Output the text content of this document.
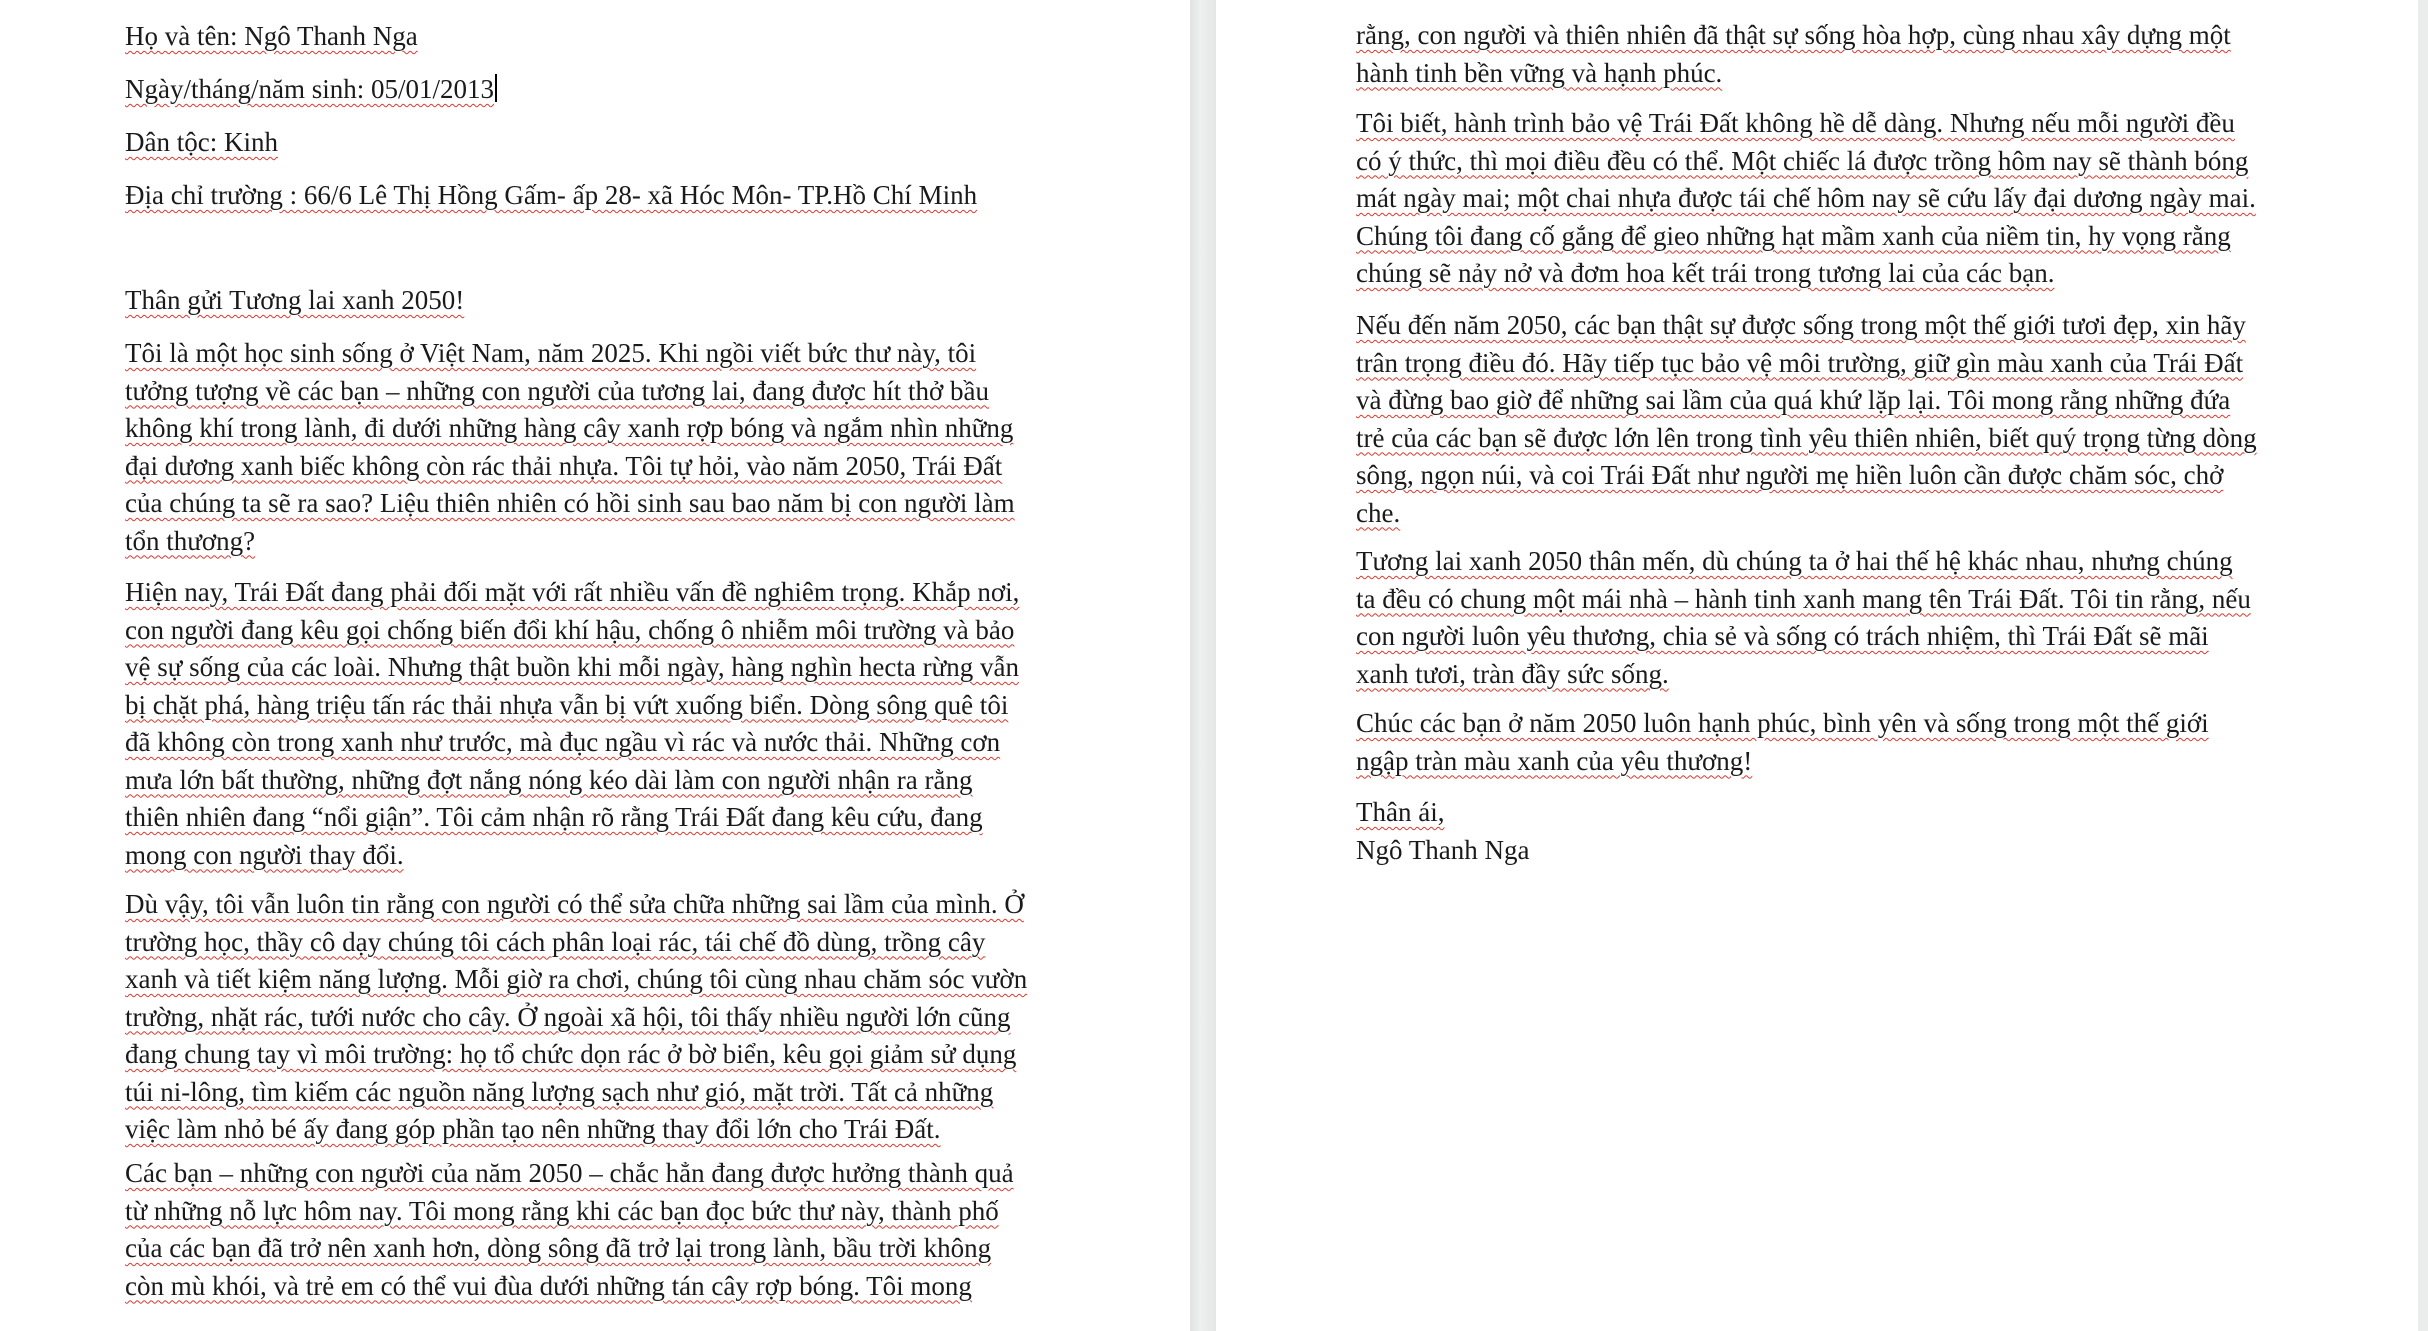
Họ và tên: Ngô Thanh Nga
Ngày/tháng/năm sinh: 05/01/2013
Dân tộc: Kinh
Địa chỉ trường : 66/6 Lê Thị Hồng Gấm- ấp 28- xã Hóc Môn- TP.Hồ Chí Minh
Thân gửi Tương lai xanh 2050!

Tôi là một học sinh sống ở Việt Nam, năm 2025. Khi ngồi viết bức thư này, tôi

tưởng tượng về các bạn – những con người của tương lai, đang được hít thở bầu

không khí trong lành, đi dưới những hàng cây xanh rợp bóng và ngắm nhìn những

đại dương xanh biếc không còn rác thải nhựa. Tôi tự hỏi, vào năm 2050, Trái Đất

của chúng ta sẽ ra sao? Liệu thiên nhiên có hồi sinh sau bao năm bị con người làm

tổn thương?

Hiện nay, Trái Đất đang phải đối mặt với rất nhiều vấn đề nghiêm trọng. Khắp nơi,

con người đang kêu gọi chống biến đổi khí hậu, chống ô nhiễm môi trường và bảo

vệ sự sống của các loài. Nhưng thật buồn khi mỗi ngày, hàng nghìn hecta rừng vẫn

bị chặt phá, hàng triệu tấn rác thải nhựa vẫn bị vứt xuống biển. Dòng sông quê tôi

đã không còn trong xanh như trước, mà đục ngầu vì rác và nước thải. Những cơn

mưa lớn bất thường, những đợt nắng nóng kéo dài làm con người nhận ra rằng

thiên nhiên đang “nổi giận”. Tôi cảm nhận rõ rằng Trái Đất đang kêu cứu, đang

mong con người thay đổi.

Dù vậy, tôi vẫn luôn tin rằng con người có thể sửa chữa những sai lầm của mình. Ở

trường học, thầy cô dạy chúng tôi cách phân loại rác, tái chế đồ dùng, trồng cây

xanh và tiết kiệm năng lượng. Mỗi giờ ra chơi, chúng tôi cùng nhau chăm sóc vườn

trường, nhặt rác, tưới nước cho cây. Ở ngoài xã hội, tôi thấy nhiều người lớn cũng

đang chung tay vì môi trường: họ tổ chức dọn rác ở bờ biển, kêu gọi giảm sử dụng

túi ni-lông, tìm kiếm các nguồn năng lượng sạch như gió, mặt trời. Tất cả những

việc làm nhỏ bé ấy đang góp phần tạo nên những thay đổi lớn cho Trái Đất.

Các bạn – những con người của năm 2050 – chắc hẳn đang được hưởng thành quả

từ những nỗ lực hôm nay. Tôi mong rằng khi các bạn đọc bức thư này, thành phố

của các bạn đã trở nên xanh hơn, dòng sông đã trở lại trong lành, bầu trời không

còn mù khói, và trẻ em có thể vui đùa dưới những tán cây rợp bóng. Tôi mong

rằng, con người và thiên nhiên đã thật sự sống hòa hợp, cùng nhau xây dựng một

hành tinh bền vững và hạnh phúc.

Tôi biết, hành trình bảo vệ Trái Đất không hề dễ dàng. Nhưng nếu mỗi người đều

có ý thức, thì mọi điều đều có thể. Một chiếc lá được trồng hôm nay sẽ thành bóng

mát ngày mai; một chai nhựa được tái chế hôm nay sẽ cứu lấy đại dương ngày mai.

Chúng tôi đang cố gắng để gieo những hạt mầm xanh của niềm tin, hy vọng rằng

chúng sẽ nảy nở và đơm hoa kết trái trong tương lai của các bạn.

Nếu đến năm 2050, các bạn thật sự được sống trong một thế giới tươi đẹp, xin hãy

trân trọng điều đó. Hãy tiếp tục bảo vệ môi trường, giữ gìn màu xanh của Trái Đất

và đừng bao giờ để những sai lầm của quá khứ lặp lại. Tôi mong rằng những đứa

trẻ của các bạn sẽ được lớn lên trong tình yêu thiên nhiên, biết quý trọng từng dòng

sông, ngọn núi, và coi Trái Đất như người mẹ hiền luôn cần được chăm sóc, chở

che.

Tương lai xanh 2050 thân mến, dù chúng ta ở hai thế hệ khác nhau, nhưng chúng

ta đều có chung một mái nhà – hành tinh xanh mang tên Trái Đất. Tôi tin rằng, nếu

con người luôn yêu thương, chia sẻ và sống có trách nhiệm, thì Trái Đất sẽ mãi

xanh tươi, tràn đầy sức sống.

Chúc các bạn ở năm 2050 luôn hạnh phúc, bình yên và sống trong một thế giới

ngập tràn màu xanh của yêu thương!

Thân ái,

Ngô Thanh Nga
